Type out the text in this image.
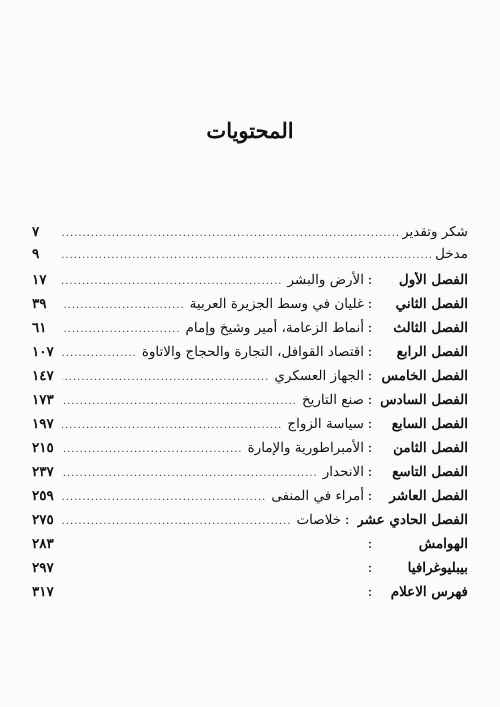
المحتويات
شكر وتقدير
.....
٧
مدخل
.....
٩
الفصل الأول
:
الأرض والبشر
.....
١٧
الفصل الثاني
:
غليان في وسط الجزيرة العربية
.....
٣٩
الفصل الثالث
:
أنماط الزعامة، أمير وشيخ وإمام
.....
٦١
الفصل الرابع
:
اقتصاد القوافل، التجارة والحجاج والاتاوة
.....
١٠٧
الفصل الخامس
:
الجهاز العسكري
.....
١٤٧
الفصل السادس
:
صنع التاريخ
.....
١٧٣
الفصل السابع
:
سياسة الزواج
.....
١٩٧
الفصل الثامن
:
الأمبراطورية والإمارة
.....
٢١٥
الفصل التاسع
:
الانحدار
.....
٢٣٧
الفصل العاشر
:
أمراء في المنفى
.....
٢٥٩
الفصل الحادي عشر
:
خلاصات
.....
٢٧٥
الهوامش
:
٢٨٣
بيبليوغرافيا
:
٢٩٧
فهرس الاعلام
:
٣١٧
